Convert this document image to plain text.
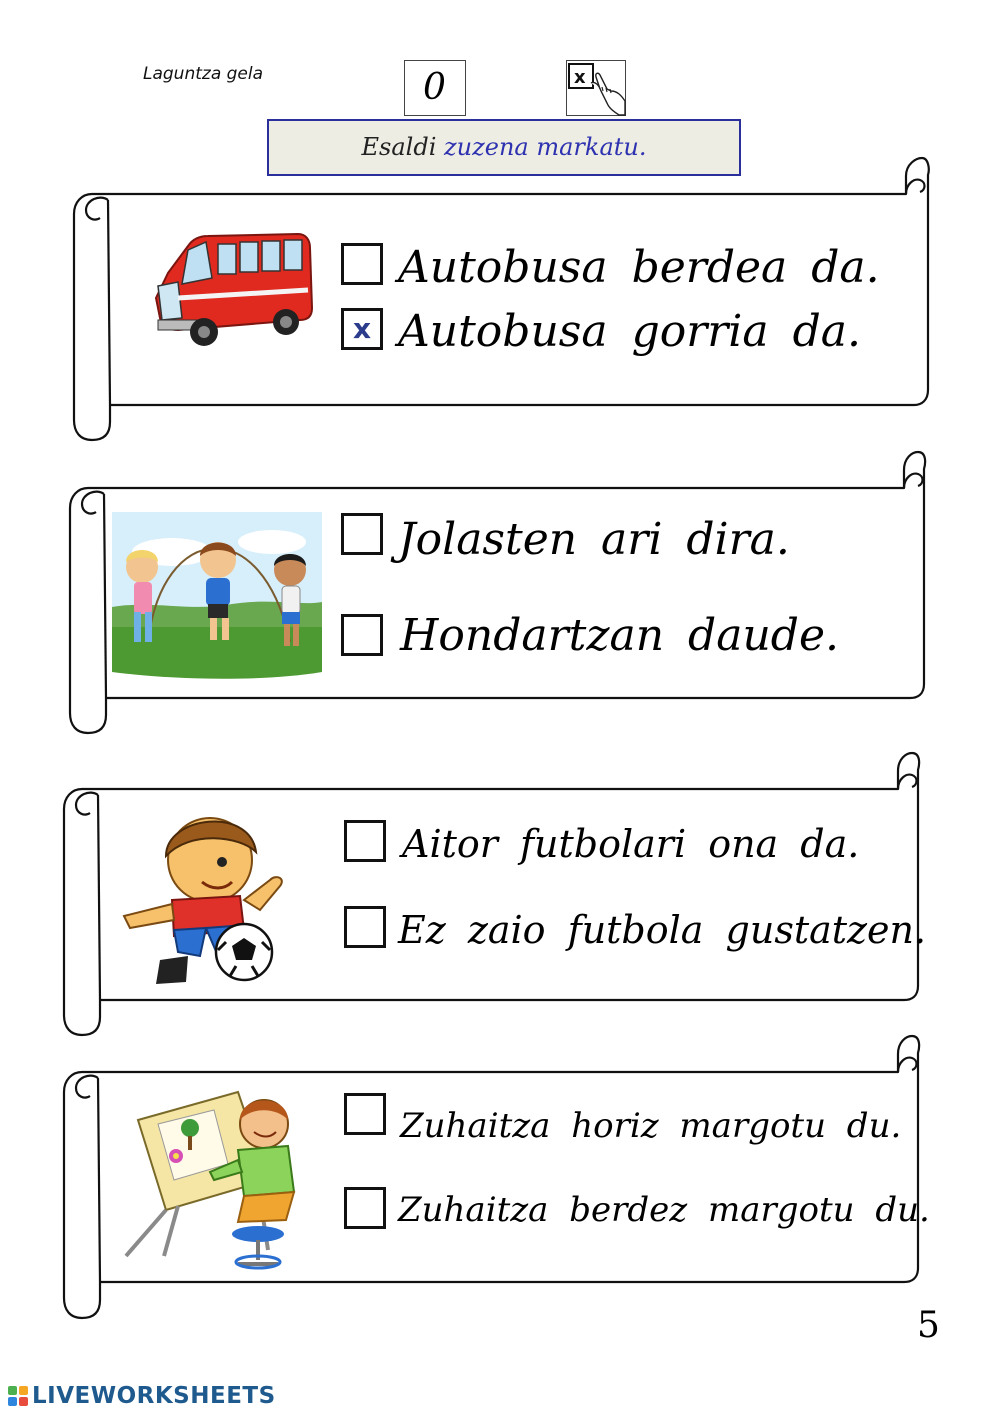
Laguntza gela	0	x
Esaldi zuzena markatu.
Autobusa berdea da.
x Autobusa gorria da.
Jolasten ari dira.
Hondartzan daude.
Aitor futbolari ona da.
Ez zaio futbola gustatzen.
Zuhaitza horiz margotu du.
Zuhaitza berdez margotu du.
5
LIVEWORKSHEETS
